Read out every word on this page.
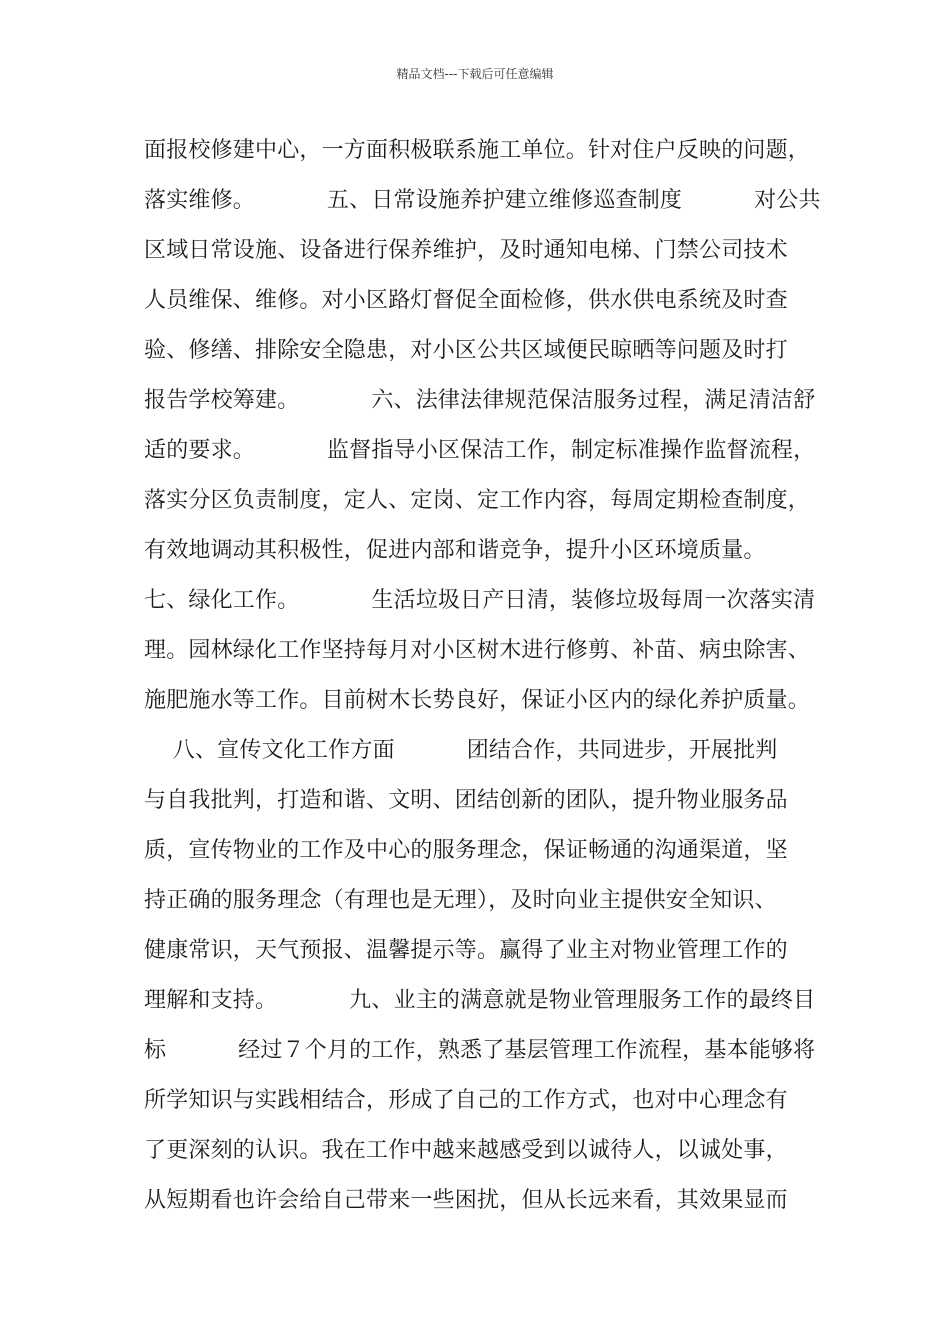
精品文档---下载后可任意编辑
面报校修建中心，一方面积极联系施工单位。针对住户反映的问题，
落实维修。          五、日常设施养护建立维修巡查制度          对公共
区域日常设施、设备进行保养维护，及时通知电梯、门禁公司技术
人员维保、维修。对小区路灯督促全面检修，供水供电系统及时查
验、修缮、排除安全隐患，对小区公共区域便民晾晒等问题及时打
报告学校筹建。          六、法律法律规范保洁服务过程，满足清洁舒
适的要求。          监督指导小区保洁工作，制定标准操作监督流程，
落实分区负责制度，定人、定岗、定工作内容，每周定期检查制度，
有效地调动其积极性，促进内部和谐竞争，提升小区环境质量。
七、绿化工作。          生活垃圾日产日清，装修垃圾每周一次落实清
理。园林绿化工作坚持每月对小区树木进行修剪、补苗、病虫除害、
施肥施水等工作。目前树木长势良好，保证小区内的绿化养护质量。
八、宣传文化工作方面          团结合作，共同进步，开展批判
与自我批判，打造和谐、文明、团结创新的团队，提升物业服务品
质，宣传物业的工作及中心的服务理念，保证畅通的沟通渠道，坚
持正确的服务理念（有理也是无理），及时向业主提供安全知识、
健康常识，天气预报、温馨提示等。赢得了业主对物业管理工作的
理解和支持。          九、业主的满意就是物业管理服务工作的最终目
标          经过７个月的工作，熟悉了基层管理工作流程，基本能够将
所学知识与实践相结合，形成了自己的工作方式，也对中心理念有
了更深刻的认识。我在工作中越来越感受到以诚待人，以诚处事，
从短期看也许会给自己带来一些困扰，但从长远来看，其效果显而
